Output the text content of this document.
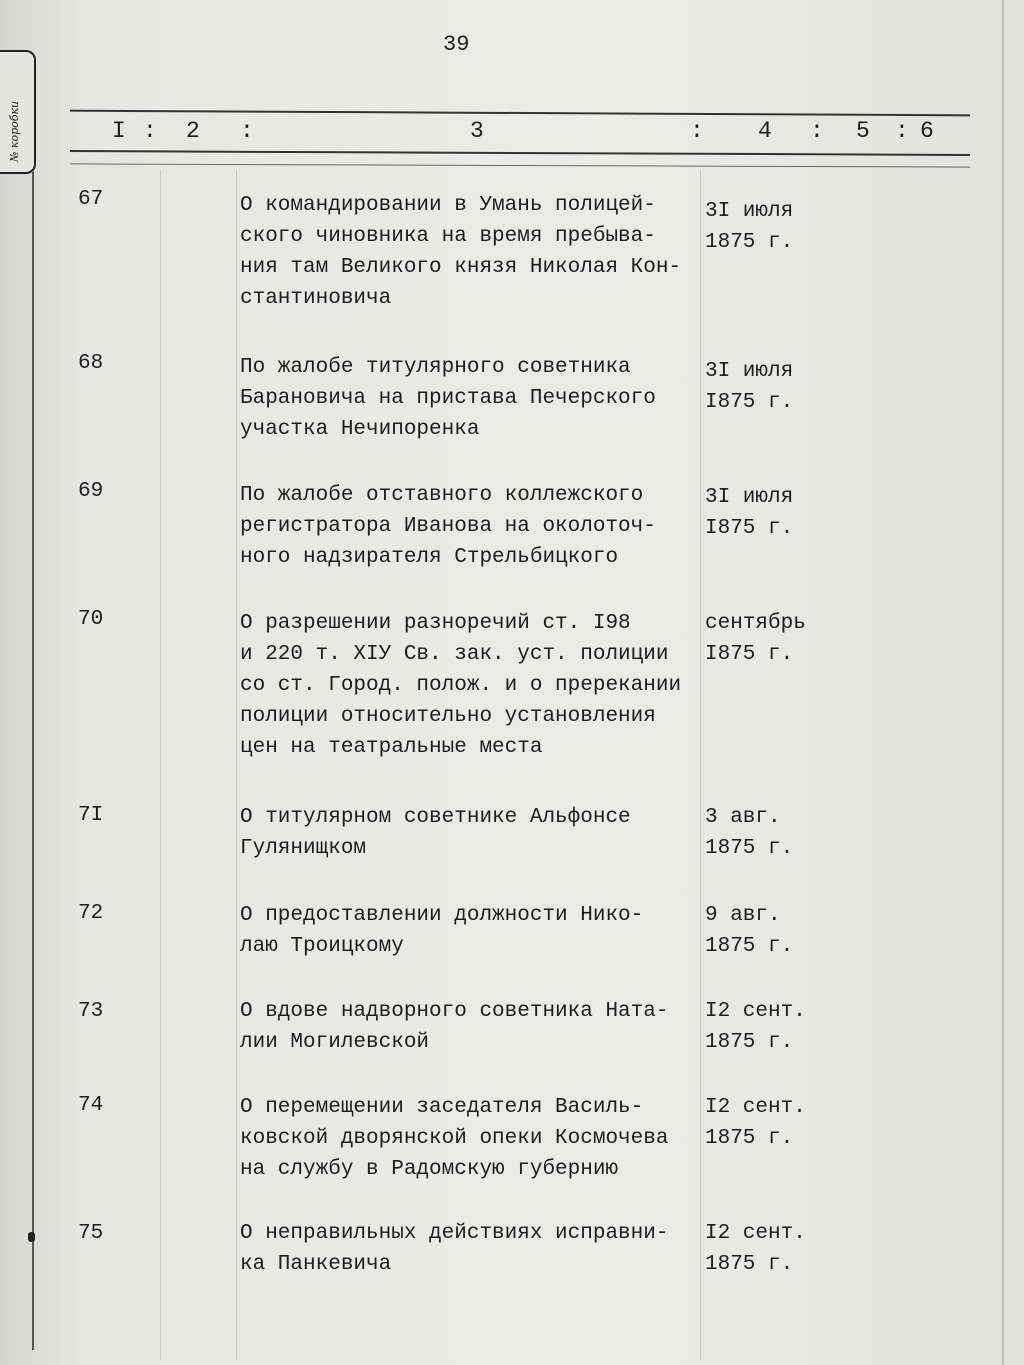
№ коробки
39
I : 2 :	3	: 4 : 5 : 6
67	О командировании в Умань полицей-
ского чиновника на время пребыва-
ния там Великого князя Николая Кон-
стантиновича
3I июля
1875 г.
68	По жалобе титулярного советника
Барановича на пристава Печерского
участка Нечипоренка
3I июля
I875 г.
69	По жалобе отставного коллежского
регистратора Иванова на околоточ-
ного надзирателя Стрельбицкого
3I июля
I875 г.
70	О разрешении разноречий ст. I98
и 220 т. XIУ Св. зак. уст. полиции
со ст. Город. полож. и о пререкании
полиции относительно установления
цен на театральные места
сентябрь
I875 г.
7I	О титулярном советнике Альфонсе
Гулянищком
3 авг.
1875 г.
72	О предоставлении должности Нико-
лаю Троицкому
9 авг.
1875 г.
73	О вдове надворного советника Ната-
лии Могилевской
I2 сент.
1875 г.
74	О перемещении заседателя Василь-
ковской дворянской опеки Космочева
на службу в Радомскую губернию
I2 сент.
1875 г.
75	О неправильных действиях исправни-
ка Панкевича
I2 сент.
1875 г.
